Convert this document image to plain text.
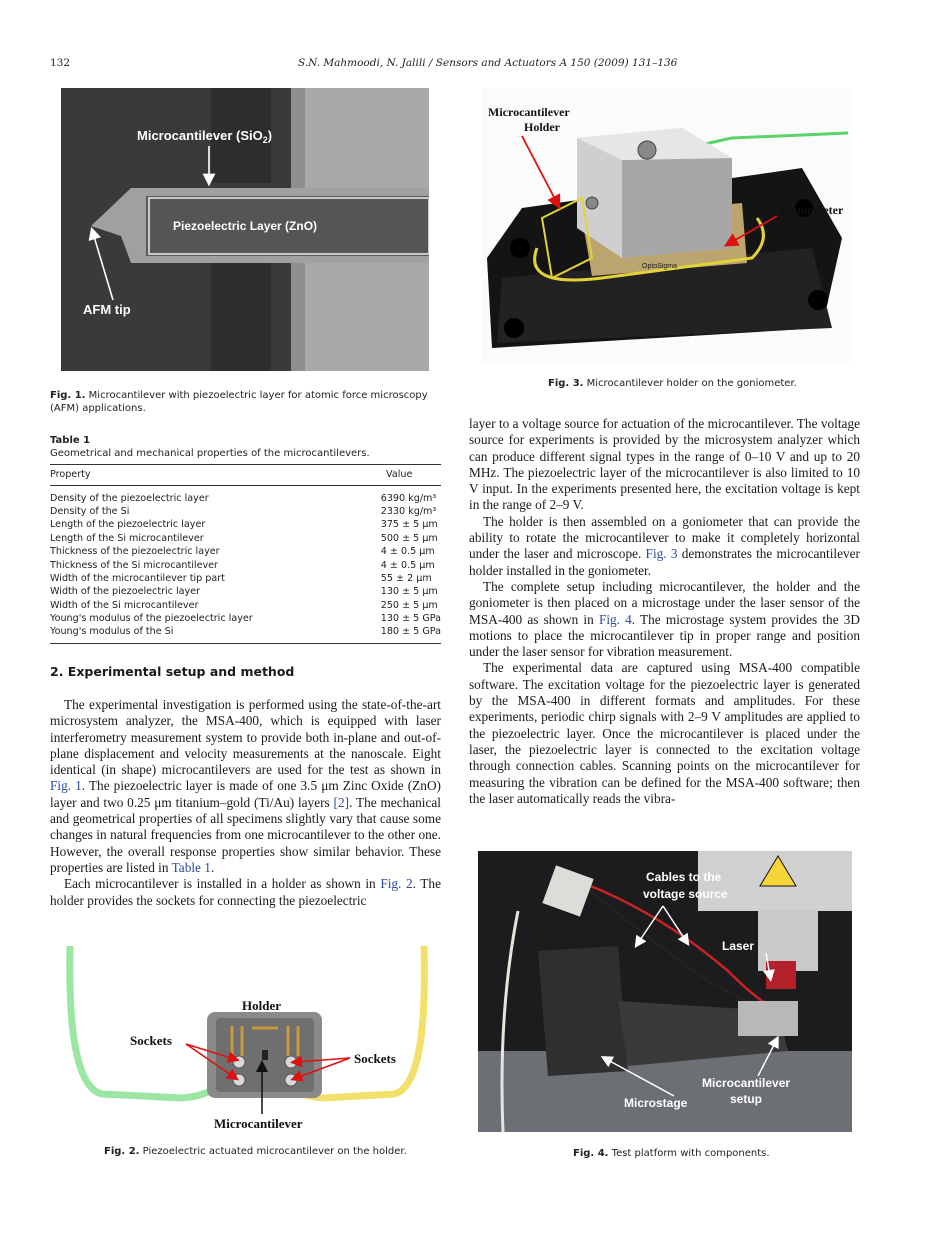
132	S.N. Mahmoodi, N. Jalili / Sensors and Actuators A 150 (2009) 131–136
Microcantilever (SiO$_2$)
Piezoelectric Layer (ZnO)
AFM tip
Fig. 1. Microcantilever with piezoelectric layer for atomic force microscopy (AFM) applications.
Table 1
Geometrical and mechanical properties of the microcantilevers.
Property	Value
Density of the piezoelectric layer	6390 kg/m³
Density of the Si	2330 kg/m³
Length of the piezoelectric layer	375 ± 5 μm
Length of the Si microcantilever	500 ± 5 μm
Thickness of the piezoelectric layer	4 ± 0.5 μm
Thickness of the Si microcantilever	4 ± 0.5 μm
Width of the microcantilever tip part	55 ± 2 μm
Width of the piezoelectric layer	130 ± 5 μm
Width of the Si microcantilever	250 ± 5 μm
Young's modulus of the piezoelectric layer	130 ± 5 GPa
Young's modulus of the Si	180 ± 5 GPa
2. Experimental setup and method

The experimental investigation is performed using the state-of-the-art microsystem analyzer, the MSA-400, which is equipped with laser interferometry measurement system to provide both in-plane and out-of-plane displacement and velocity measurements at the nanoscale. Eight identical (in shape) microcantilevers are used for the test as shown in Fig. 1. The piezoelectric layer is made of one 3.5 μm Zinc Oxide (ZnO) layer and two 0.25 μm titanium–gold (Ti/Au) layers [2]. The mechanical and geometrical properties of all specimens slightly vary that cause some changes in natural frequencies from one microcantilever to the other one. However, the overall response properties show similar behavior. These properties are listed in Table 1.

Each microcantilever is installed in a holder as shown in Fig. 2. The holder provides the sockets for connecting the piezoelectric

Holder
Sockets
Sockets
Microcantilever
Fig. 2. Piezoelectric actuated microcantilever on the holder.
Microcantilever
Holder
Goniometer
OptoSigma
Fig. 3. Microcantilever holder on the goniometer.

layer to a voltage source for actuation of the microcantilever. The voltage source for experiments is provided by the microsystem analyzer which can produce different signal types in the range of 0–10 V and up to 20 MHz. The piezoelectric layer of the microcantilever is also limited to 10 V input. In the experiments presented here, the excitation voltage is kept in the range of 2–9 V.

The holder is then assembled on a goniometer that can provide the ability to rotate the microcantilever to make it completely horizontal under the laser and microscope. Fig. 3 demonstrates the microcantilever holder installed in the goniometer.

The complete setup including microcantilever, the holder and the goniometer is then placed on a microstage under the laser sensor of the MSA-400 as shown in Fig. 4. The microstage system provides the 3D motions to place the microcantilever tip in proper range and position under the laser sensor for vibration measurement.

The experimental data are captured using MSA-400 compatible software. The excitation voltage for the piezoelectric layer is generated by the MSA-400 in different formats and amplitudes. For these experiments, periodic chirp signals with 2–9 V amplitudes are applied to the piezoelectric layer. Once the microcantilever is placed under the laser, the piezoelectric layer is connected to the excitation voltage through connection cables. Scanning points on the microcantilever for measuring the vibration can be defined for the MSA-400 software; then the laser automatically reads the vibra-

Cables to the
voltage source
Laser
Microcantilever
setup
Microstage
Fig. 4. Test platform with components.
